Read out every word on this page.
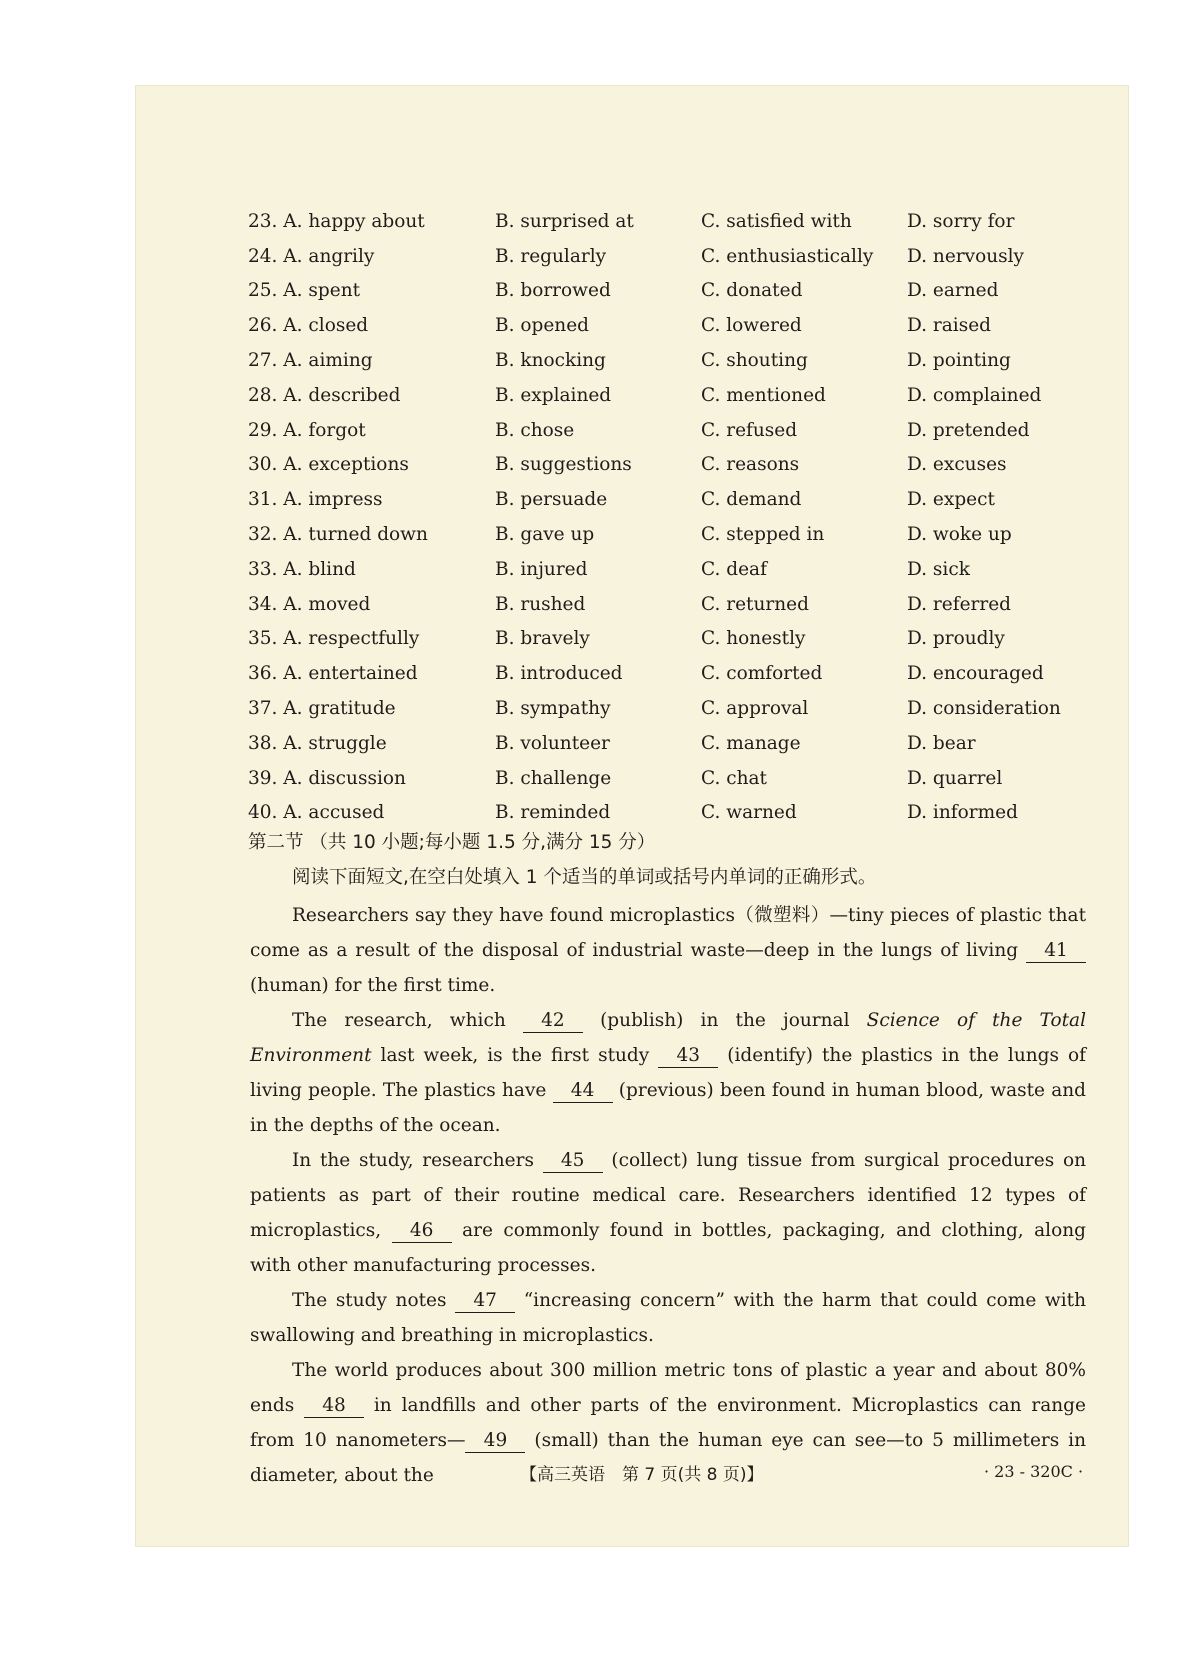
23. A. happy about	B. surprised at	C. satisfied with	D. sorry for
24. A. angrily	B. regularly	C. enthusiastically	D. nervously
25. A. spent	B. borrowed	C. donated	D. earned
26. A. closed	B. opened	C. lowered	D. raised
27. A. aiming	B. knocking	C. shouting	D. pointing
28. A. described	B. explained	C. mentioned	D. complained
29. A. forgot	B. chose	C. refused	D. pretended
30. A. exceptions	B. suggestions	C. reasons	D. excuses
31. A. impress	B. persuade	C. demand	D. expect
32. A. turned down	B. gave up	C. stepped in	D. woke up
33. A. blind	B. injured	C. deaf	D. sick
34. A. moved	B. rushed	C. returned	D. referred
35. A. respectfully	B. bravely	C. honestly	D. proudly
36. A. entertained	B. introduced	C. comforted	D. encouraged
37. A. gratitude	B. sympathy	C. approval	D. consideration
38. A. struggle	B. volunteer	C. manage	D. bear
39. A. discussion	B. challenge	C. chat	D. quarrel
40. A. accused	B. reminded	C. warned	D. informed
第二节 （共 10 小题;每小题 1.5 分,满分 15 分）
阅读下面短文,在空白处填入 1 个适当的单词或括号内单词的正确形式。

Researchers say they have found microplastics（微塑料）—tiny pieces of plastic that come as a result of the disposal of industrial waste—deep in the lungs of living 41 (human) for the first time.

The research, which 42 (publish) in the journal Science of the Total Environment last week, is the first study 43 (identify) the plastics in the lungs of living people. The plastics have 44 (previous) been found in human blood, waste and in the depths of the ocean.

In the study, researchers 45 (collect) lung tissue from surgical procedures on patients as part of their routine medical care. Researchers identified 12 types of microplastics, 46 are commonly found in bottles, packaging, and clothing, along with other manufacturing processes.

The study notes 47 “increasing concern” with the harm that could come with swallowing and breathing in microplastics.

The world produces about 300 million metric tons of plastic a year and about 80% ends 48 in landfills and other parts of the environment. Microplastics can range from 10 nanometers— 49 (small) than the human eye can see—to 5 millimeters in diameter, about the	【高三英语　第 7 页(共 8 页)】	· 23 - 320C ·
